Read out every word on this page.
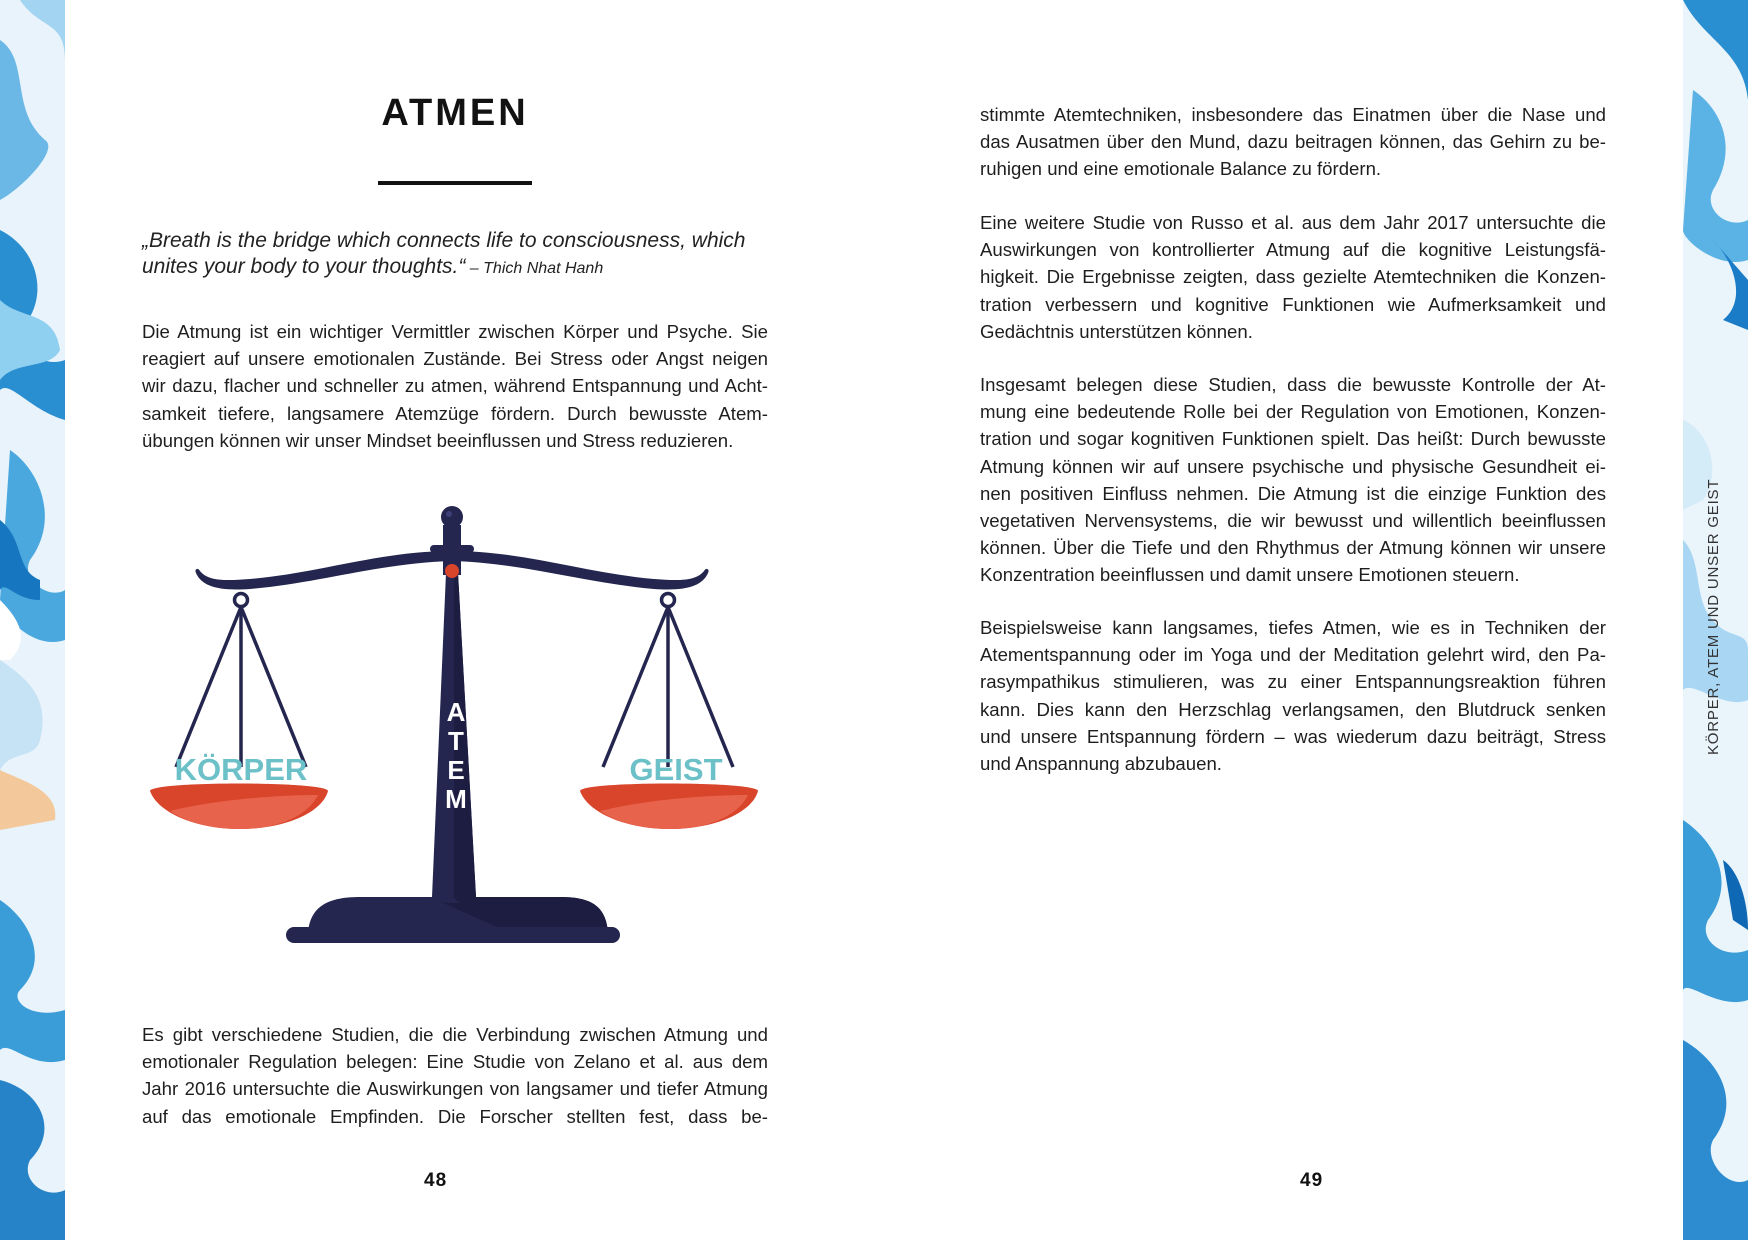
ATMEN
„Breath is the bridge which connects life to consciousness, which
unites your body to your thoughts.“ – Thich Nhat Hanh

Die Atmung ist ein wichtiger Vermittler zwischen Körper und Psyche. Sie
reagiert auf unsere emotionalen Zustände. Bei Stress oder Angst neigen
wir dazu, flacher und schneller zu atmen, während Entspannung und Acht-
samkeit tiefere, langsamere Atemzüge fördern. Durch bewusste Atem-
übungen können wir unser Mindset beeinflussen und Stress reduzieren.

KÖRPER	GEIST
A
T
E
M

Es gibt verschiedene Studien, die die Verbindung zwischen Atmung und
emotionaler Regulation belegen: Eine Studie von Zelano et al. aus dem
Jahr 2016 untersuchte die Auswirkungen von langsamer und tiefer Atmung
auf das emotionale Empfinden. Die Forscher stellten fest, dass be-

48

stimmte Atemtechniken, insbesondere das Einatmen über die Nase und
das Ausatmen über den Mund, dazu beitragen können, das Gehirn zu be-
ruhigen und eine emotionale Balance zu fördern.

Eine weitere Studie von Russo et al. aus dem Jahr 2017 untersuchte die
Auswirkungen von kontrollierter Atmung auf die kognitive Leistungsfä-
higkeit. Die Ergebnisse zeigten, dass gezielte Atemtechniken die Konzen-
tration verbessern und kognitive Funktionen wie Aufmerksamkeit und
Gedächtnis unterstützen können.

Insgesamt belegen diese Studien, dass die bewusste Kontrolle der At-
mung eine bedeutende Rolle bei der Regulation von Emotionen, Konzen-
tration und sogar kognitiven Funktionen spielt. Das heißt: Durch bewusste
Atmung können wir auf unsere psychische und physische Gesundheit ei-
nen positiven Einfluss nehmen. Die Atmung ist die einzige Funktion des
vegetativen Nervensystems, die wir bewusst und willentlich beeinflussen
können. Über die Tiefe und den Rhythmus der Atmung können wir unsere
Konzentration beeinflussen und damit unsere Emotionen steuern.

Beispielsweise kann langsames, tiefes Atmen, wie es in Techniken der
Atementspannung oder im Yoga und der Meditation gelehrt wird, den Pa-
rasympathikus stimulieren, was zu einer Entspannungsreaktion führen
kann. Dies kann den Herzschlag verlangsamen, den Blutdruck senken
und unsere Entspannung fördern – was wiederum dazu beiträgt, Stress
und Anspannung abzubauen.

49
KÖRPER, ATEM UND UNSER GEIST
